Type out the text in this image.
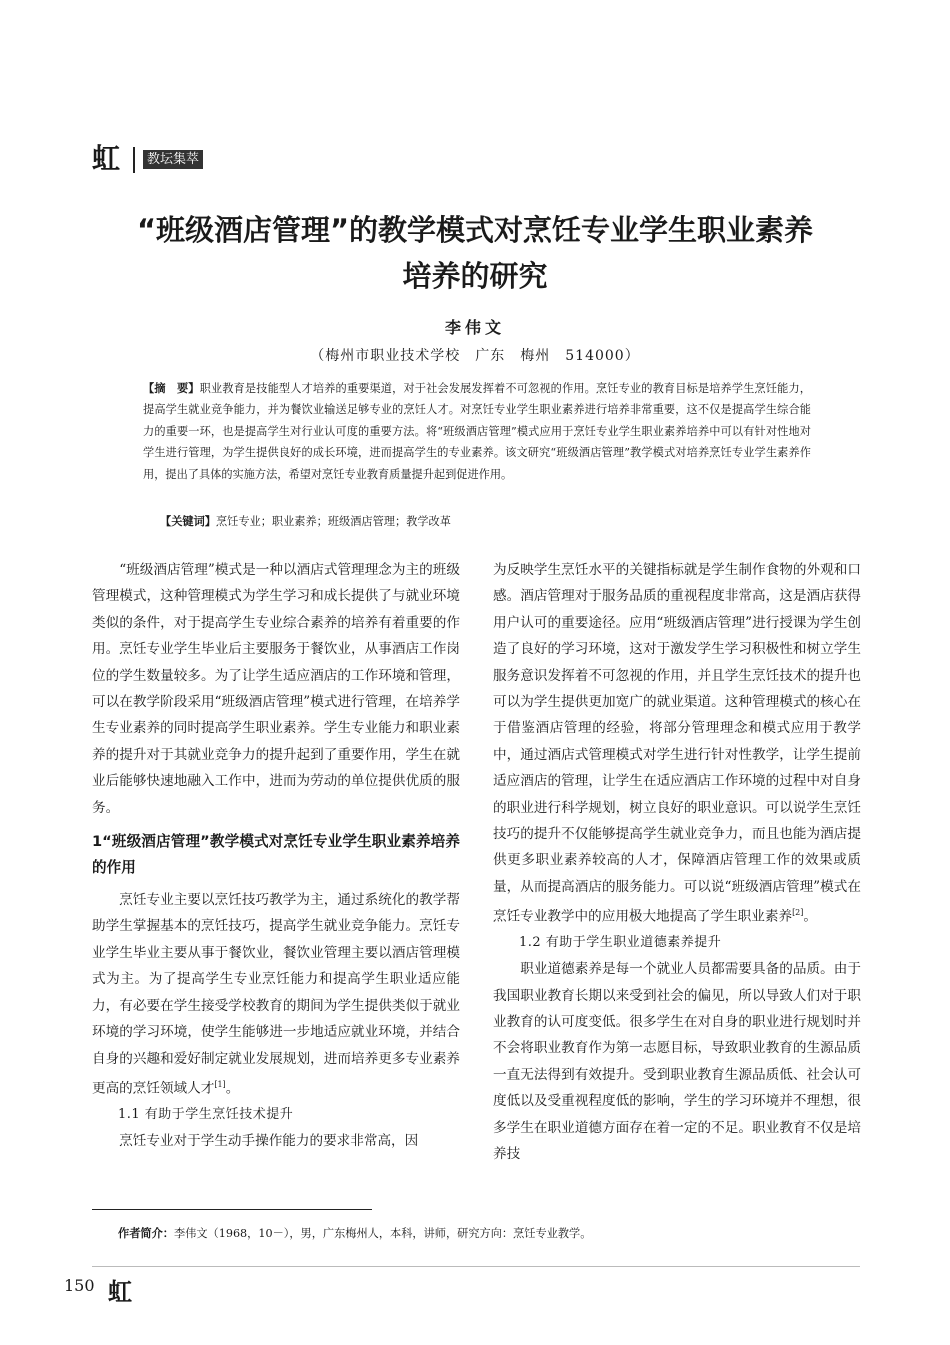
虹	教坛集萃
“班级酒店管理”的教学模式对烹饪专业学生职业素养
培养的研究
李伟文
（梅州市职业技术学校　广东　梅州　514000）
【摘　要】职业教育是技能型人才培养的重要渠道，对于社会发展发挥着不可忽视的作用。烹饪专业的教育目标是培养学生烹饪能力，提高学生就业竞争能力，并为餐饮业输送足够专业的烹饪人才。对烹饪专业学生职业素养进行培养非常重要，这不仅是提高学生综合能力的重要一环，也是提高学生对行业认可度的重要方法。将“班级酒店管理”模式应用于烹饪专业学生职业素养培养中可以有针对性地对学生进行管理，为学生提供良好的成长环境，进而提高学生的专业素养。该文研究“班级酒店管理”教学模式对培养烹饪专业学生素养作用，提出了具体的实施方法，希望对烹饪专业教育质量提升起到促进作用。
【关键词】烹饪专业；职业素养；班级酒店管理；教学改革

“班级酒店管理”模式是一种以酒店式管理理念为主的班级管理模式，这种管理模式为学生学习和成长提供了与就业环境类似的条件，对于提高学生专业综合素养的培养有着重要的作用。烹饪专业学生毕业后主要服务于餐饮业，从事酒店工作岗位的学生数量较多。为了让学生适应酒店的工作环境和管理，可以在教学阶段采用“班级酒店管理”模式进行管理，在培养学生专业素养的同时提高学生职业素养。学生专业能力和职业素养的提升对于其就业竞争力的提升起到了重要作用，学生在就业后能够快速地融入工作中，进而为劳动的单位提供优质的服务。

1“班级酒店管理”教学模式对烹饪专业学生职业素养培养的作用

烹饪专业主要以烹饪技巧教学为主，通过系统化的教学帮助学生掌握基本的烹饪技巧，提高学生就业竞争能力。烹饪专业学生毕业主要从事于餐饮业，餐饮业管理主要以酒店管理模式为主。为了提高学生专业烹饪能力和提高学生职业适应能力，有必要在学生接受学校教育的期间为学生提供类似于就业环境的学习环境，使学生能够进一步地适应就业环境，并结合自身的兴趣和爱好制定就业发展规划，进而培养更多专业素养更高的烹饪领域人才[1]。

1.1 有助于学生烹饪技术提升

烹饪专业对于学生动手操作能力的要求非常高，因

为反映学生烹饪水平的关键指标就是学生制作食物的外观和口感。酒店管理对于服务品质的重视程度非常高，这是酒店获得用户认可的重要途径。应用“班级酒店管理”进行授课为学生创造了良好的学习环境，这对于激发学生学习积极性和树立学生服务意识发挥着不可忽视的作用，并且学生烹饪技术的提升也可以为学生提供更加宽广的就业渠道。这种管理模式的核心在于借鉴酒店管理的经验，将部分管理理念和模式应用于教学中，通过酒店式管理模式对学生进行针对性教学，让学生提前适应酒店的管理，让学生在适应酒店工作环境的过程中对自身的职业进行科学规划，树立良好的职业意识。可以说学生烹饪技巧的提升不仅能够提高学生就业竞争力，而且也能为酒店提供更多职业素养较高的人才，保障酒店管理工作的效果或质量，从而提高酒店的服务能力。可以说“班级酒店管理”模式在烹饪专业教学中的应用极大地提高了学生职业素养[2]。

1.2 有助于学生职业道德素养提升

职业道德素养是每一个就业人员都需要具备的品质。由于我国职业教育长期以来受到社会的偏见，所以导致人们对于职业教育的认可度变低。很多学生在对自身的职业进行规划时并不会将职业教育作为第一志愿目标，导致职业教育的生源品质一直无法得到有效提升。受到职业教育生源品质低、社会认可度低以及受重视程度低的影响，学生的学习环境并不理想，很多学生在职业道德方面存在着一定的不足。职业教育不仅是培养技

作者简介：李伟文（1968，10－），男，广东梅州人，本科，讲师，研究方向：烹饪专业教学。
150 虹
